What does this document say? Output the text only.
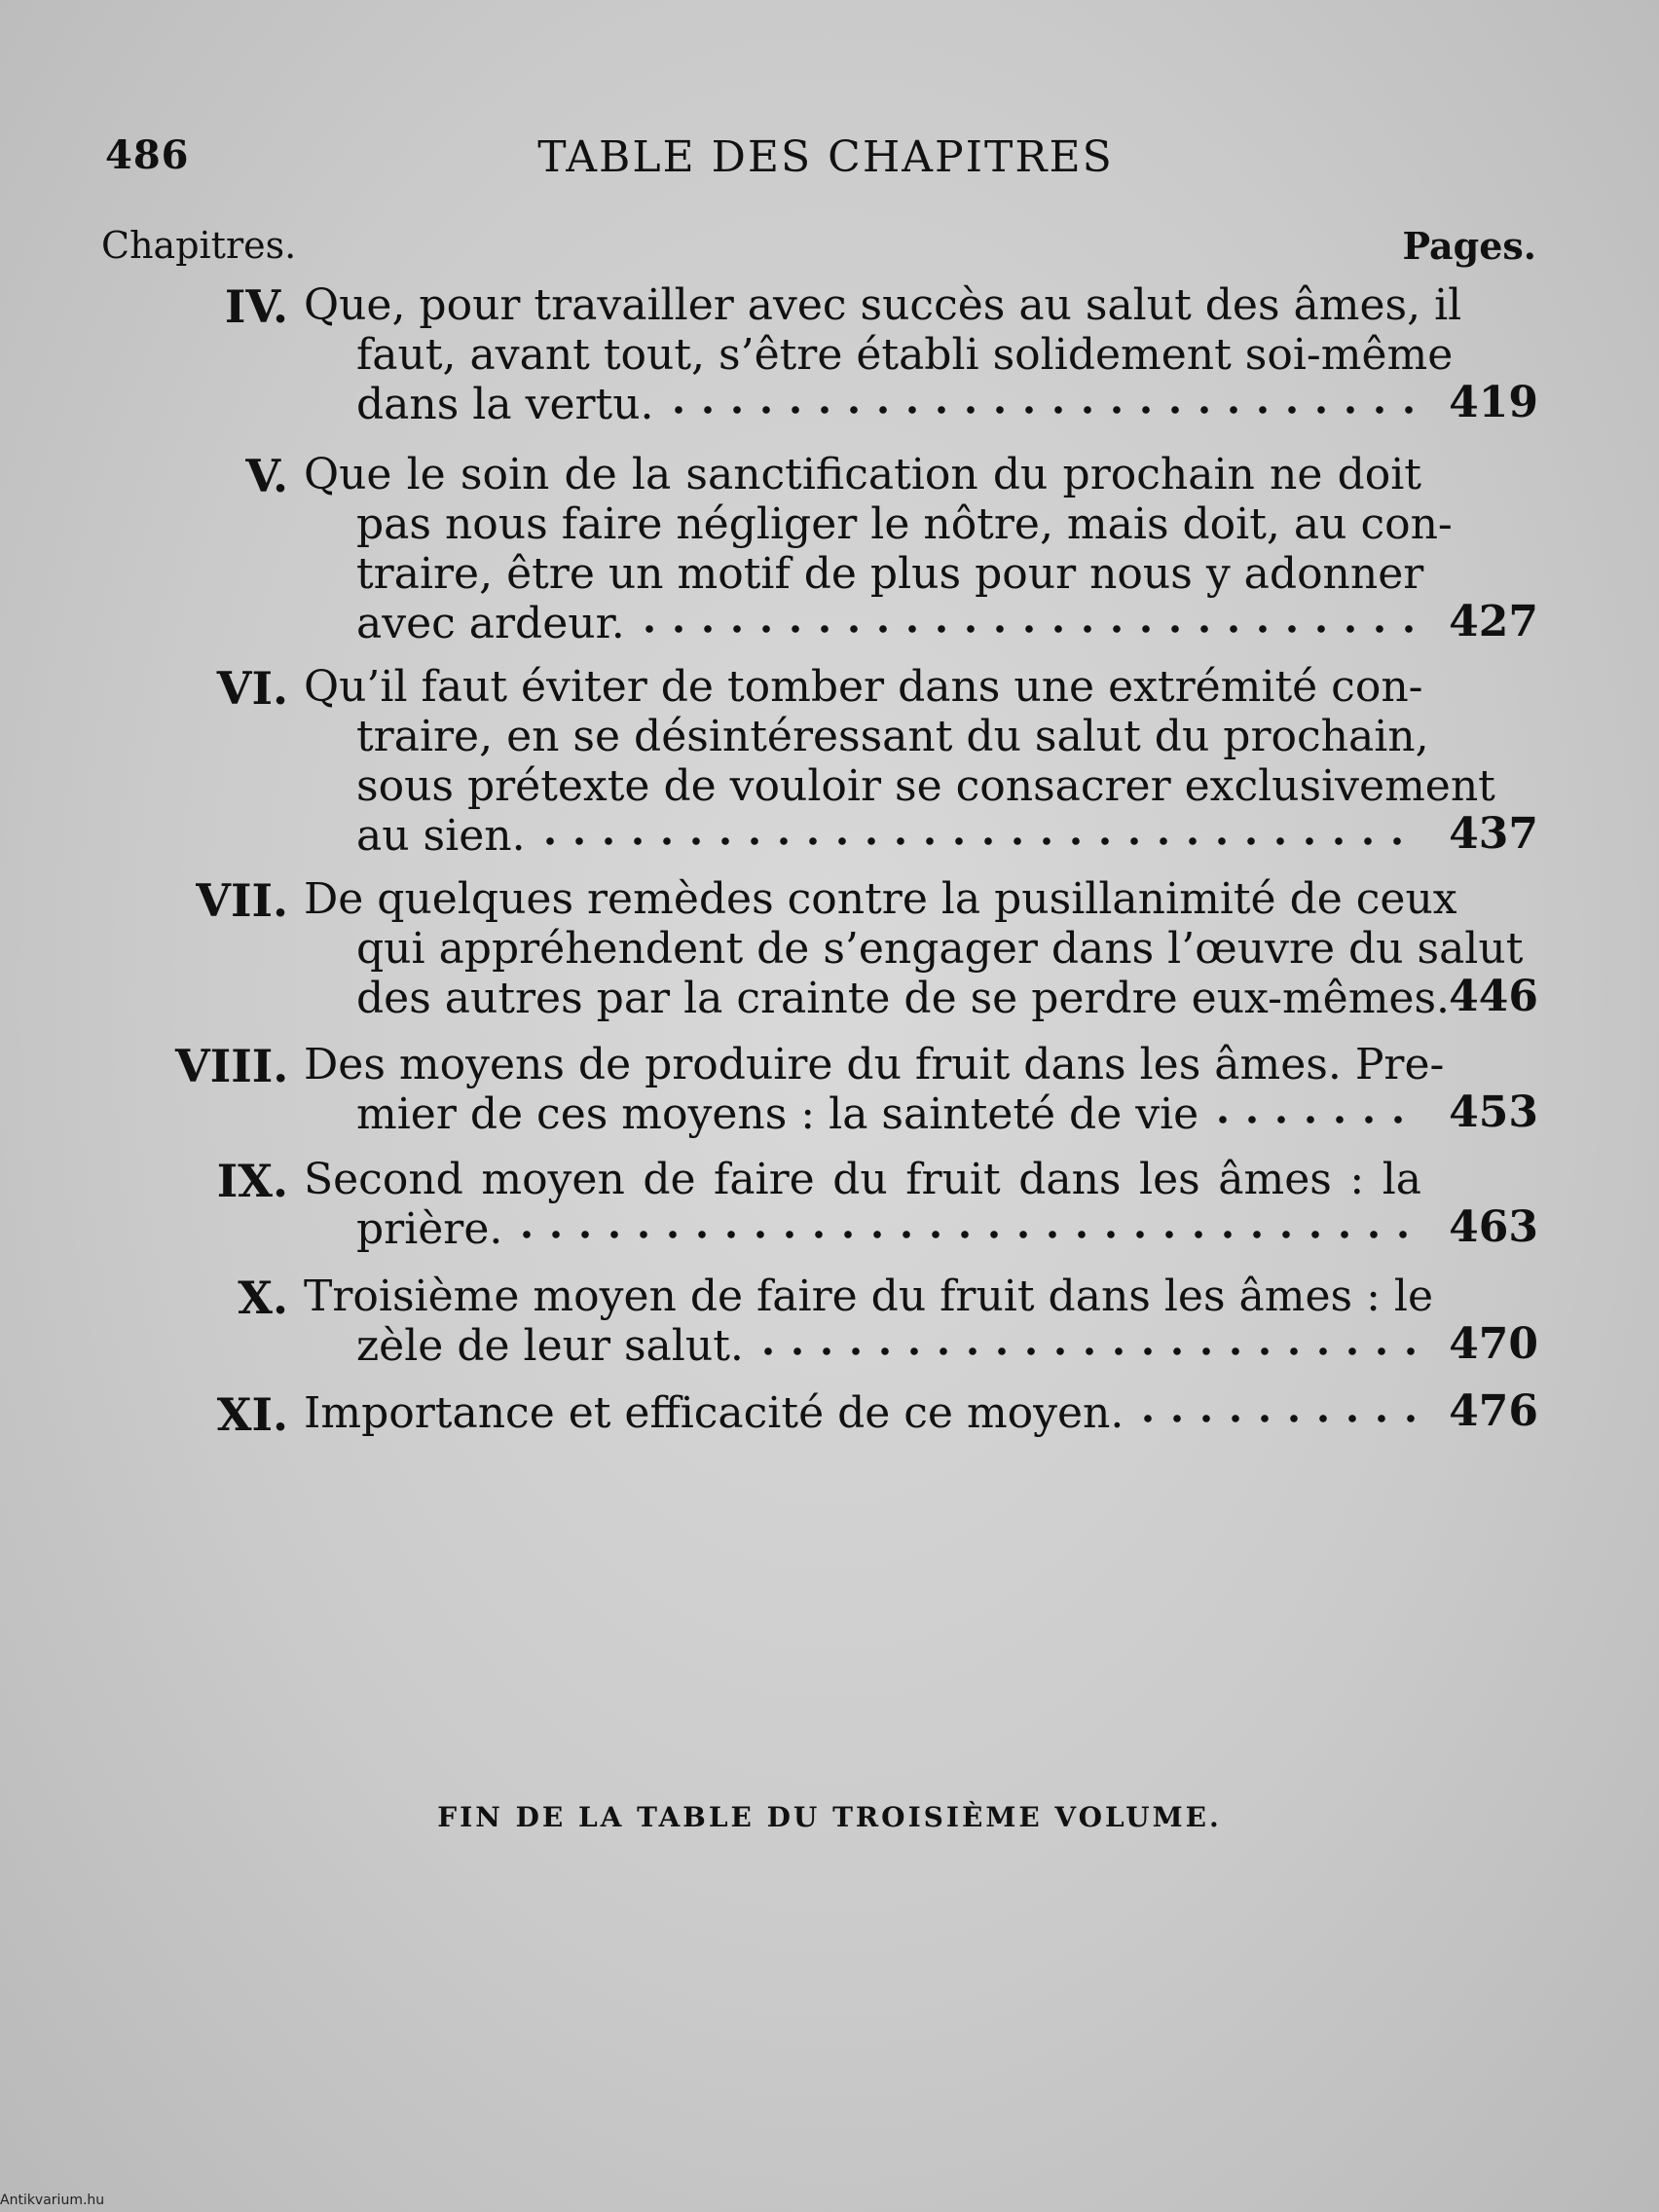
486	TABLE DES CHAPITRES
Chapitres.	Pages.
IV. Que, pour travailler avec succès au salut des âmes, il
faut, avant tout, s’être établi solidement soi-même
dans la vertu.	419
V. Que le soin de la sanctification du prochain ne doit
pas nous faire négliger le nôtre, mais doit, au con-
traire, être un motif de plus pour nous y adonner
avec ardeur.	427
VI. Qu’il faut éviter de tomber dans une extrémité con-
traire, en se désintéressant du salut du prochain,
sous prétexte de vouloir se consacrer exclusivement
au sien.	437
VII. De quelques remèdes contre la pusillanimité de ceux
qui appréhendent de s’engager dans l’œuvre du salut
des autres par la crainte de se perdre eux-mêmes. 446
VIII. Des moyens de produire du fruit dans les âmes. Pre-
mier de ces moyens : la sainteté de vie	453
IX. Second moyen de faire du fruit dans les âmes : la
prière.	463
X. Troisième moyen de faire du fruit dans les âmes : le
zèle de leur salut.	470
XI. Importance et efficacité de ce moyen.	476
FIN DE LA TABLE DU TROISIÈME VOLUME.
Antikvarium.hu
